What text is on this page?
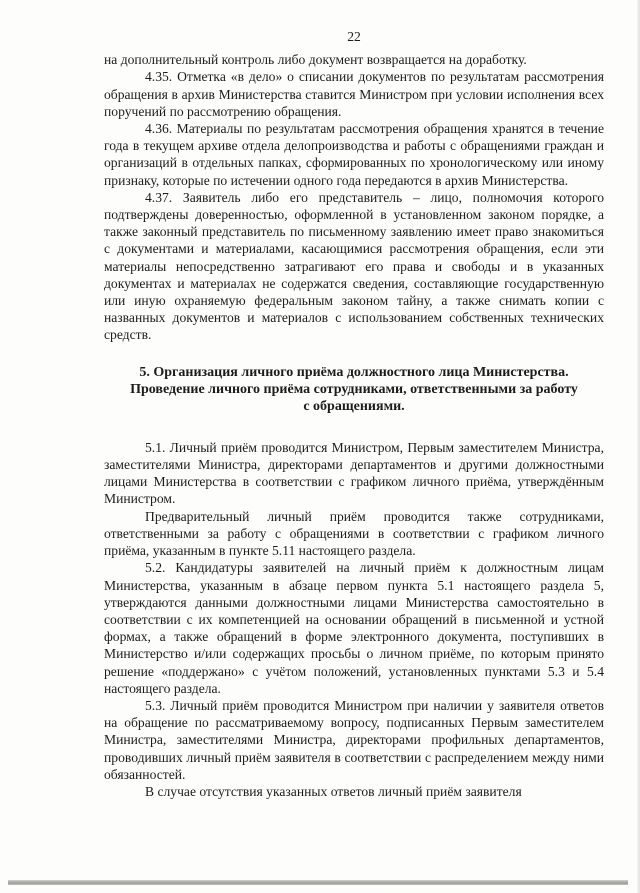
22

на дополнительный контроль либо документ возвращается на доработку.

4.35. Отметка «в дело» о списании документов по результатам рассмотрения обращения в архив Министерства ставится Министром при условии исполнения всех поручений по рассмотрению обращения.

4.36. Материалы по результатам рассмотрения обращения хранятся в течение года в текущем архиве отдела делопроизводства и работы с обращениями граждан и организаций в отдельных папках, сформированных по хронологическому или иному признаку, которые по истечении одного года передаются в архив Министерства.

4.37. Заявитель либо его представитель – лицо, полномочия которого подтверждены доверенностью, оформленной в установленном законом порядке, а также законный представитель по письменному заявлению имеет право знакомиться с документами и материалами, касающимися рассмотрения обращения, если эти материалы непосредственно затрагивают его права и свободы и в указанных документах и материалах не содержатся сведения, составляющие государственную или иную охраняемую федеральным законом тайну, а также снимать копии с названных документов и материалов с использованием собственных технических средств.

5. Организация личного приёма должностного лица Министерства.
Проведение личного приёма сотрудниками, ответственными за работу
с обращениями.

5.1. Личный приём проводится Министром, Первым заместителем Министра, заместителями Министра, директорами департаментов и другими должностными лицами Министерства в соответствии с графиком личного приёма, утверждённым Министром.

Предварительный личный приём проводится также сотрудниками, ответственными за работу с обращениями в соответствии с графиком личного приёма, указанным в пункте 5.11 настоящего раздела.

5.2. Кандидатуры заявителей на личный приём к должностным лицам Министерства, указанным в абзаце первом пункта 5.1 настоящего раздела 5, утверждаются данными должностными лицами Министерства самостоятельно в соответствии с их компетенцией на основании обращений в письменной и устной формах, а также обращений в форме электронного документа, поступивших в Министерство и/или содержащих просьбы о личном приёме, по которым принято решение «поддержано» с учётом положений, установленных пунктами 5.3 и 5.4 настоящего раздела.

5.3. Личный приём проводится Министром при наличии у заявителя ответов на обращение по рассматриваемому вопросу, подписанных Первым заместителем Министра, заместителями Министра, директорами профильных департаментов, проводивших личный приём заявителя в соответствии с распределением между ними обязанностей.

В случае отсутствия указанных ответов личный приём заявителя
